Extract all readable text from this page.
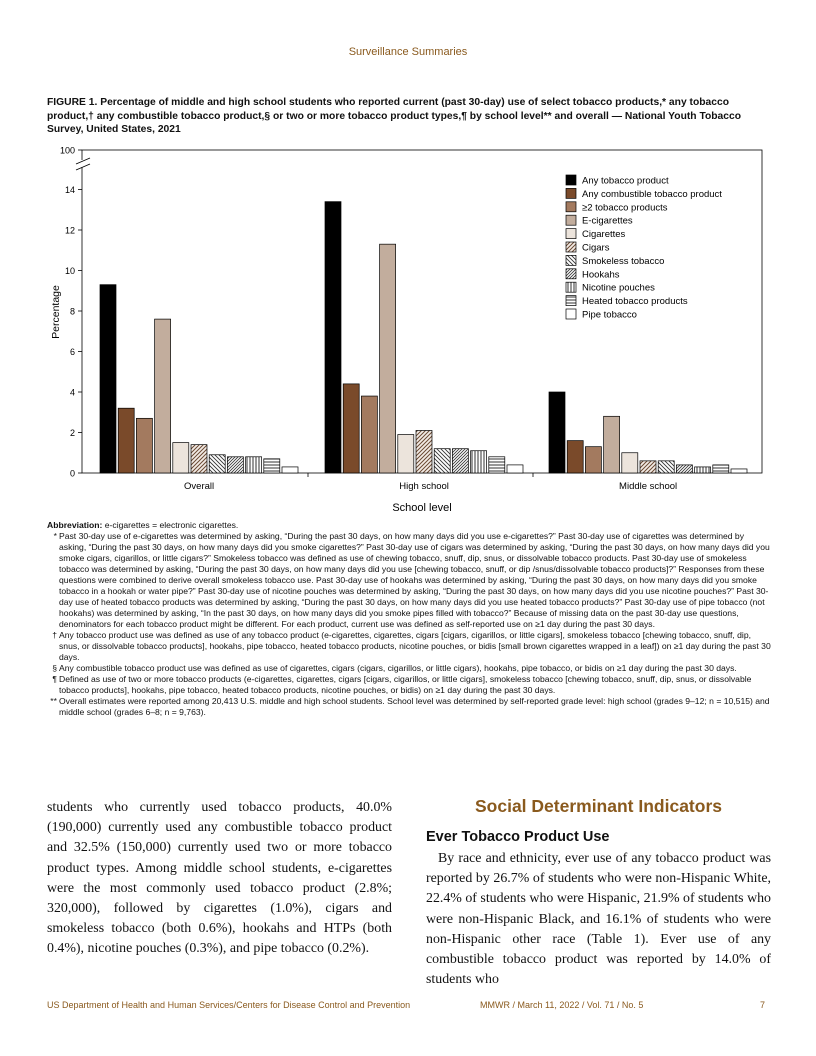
Surveillance Summaries
FIGURE 1. Percentage of middle and high school students who reported current (past 30-day) use of select tobacco products,* any tobacco product,† any combustible tobacco product,§ or two or more tobacco product types,¶ by school level** and overall — National Youth Tobacco Survey, United States, 2021
0
2
4
6
8
10
12
14
100
Overall	High school	Middle school
Any tobacco product
Any combustible tobacco product
≥2 tobacco products
E-cigarettes
Cigarettes
Cigars
Smokeless tobacco
Hookahs
Nicotine pouches
Heated tobacco products
Pipe tobacco
Percentage
School level

Abbreviation: e-cigarettes = electronic cigarettes.

* Past 30-day use of e-cigarettes was determined by asking, “During the past 30 days, on how many days did you use e-cigarettes?” Past 30-day use of cigarettes was determined by asking, “During the past 30 days, on how many days did you smoke cigarettes?” Past 30-day use of cigars was determined by asking, “During the past 30 days, on how many days did you smoke cigars, cigarillos, or little cigars?” Smokeless tobacco was defined as use of chewing tobacco, snuff, dip, snus, or dissolvable tobacco products. Past 30-day use of smokeless tobacco was determined by asking, “During the past 30 days, on how many days did you use [chewing tobacco, snuff, or dip /snus/dissolvable tobacco products]?” Responses from these questions were combined to derive overall smokeless tobacco use. Past 30-day use of hookahs was determined by asking, “During the past 30 days, on how many days did you smoke tobacco in a hookah or water pipe?” Past 30-day use of nicotine pouches was determined by asking, “During the past 30 days, on how many days did you use nicotine pouches?” Past 30-day use of heated tobacco products was determined by asking, “During the past 30 days, on how many days did you use heated tobacco products?” Past 30-day use of pipe tobacco (not hookahs) was determined by asking, “In the past 30 days, on how many days did you smoke pipes filled with tobacco?” Because of missing data on the past 30-day use questions, denominators for each tobacco product might be different. For each product, current use was defined as self-reported use on ≥1 day during the past 30 days.

† Any tobacco product use was defined as use of any tobacco product (e-cigarettes, cigarettes, cigars [cigars, cigarillos, or little cigars], smokeless tobacco [chewing tobacco, snuff, dip, snus, or dissolvable tobacco products], hookahs, pipe tobacco, heated tobacco products, nicotine pouches, or bidis [small brown cigarettes wrapped in a leaf]) on ≥1 day during the past 30 days.

§ Any combustible tobacco product use was defined as use of cigarettes, cigars (cigars, cigarillos, or little cigars), hookahs, pipe tobacco, or bidis on ≥1 day during the past 30 days.

¶ Defined as use of two or more tobacco products (e-cigarettes, cigarettes, cigars [cigars, cigarillos, or little cigars], smokeless tobacco [chewing tobacco, snuff, dip, snus, or dissolvable tobacco products], hookahs, pipe tobacco, heated tobacco products, nicotine pouches, or bidis) on ≥1 day during the past 30 days.

** Overall estimates were reported among 20,413 U.S. middle and high school students. School level was determined by self-reported grade level: high school (grades 9–12; n = 10,515) and middle school (grades 6–8; n = 9,763).

students who currently used tobacco products, 40.0% (190,000) currently used any combustible tobacco product and 32.5% (150,000) currently used two or more tobacco product types. Among middle school students, e-cigarettes were the most commonly used tobacco product (2.8%; 320,000), followed by cigarettes (1.0%), cigars and smokeless tobacco (both 0.6%), hookahs and HTPs (both 0.4%), nicotine pouches (0.3%), and pipe tobacco (0.2%).
Social Determinant Indicators
Ever Tobacco Product Use

By race and ethnicity, ever use of any tobacco product was reported by 26.7% of students who were non-Hispanic White, 22.4% of students who were Hispanic, 21.9% of students who were non-Hispanic Black, and 16.1% of students who were non-Hispanic other race (Table 1). Ever use of any combustible tobacco product was reported by 14.0% of students who

US Department of Health and Human Services/Centers for Disease Control and Prevention	MMWR / March 11, 2022 / Vol. 71 / No. 5	7
